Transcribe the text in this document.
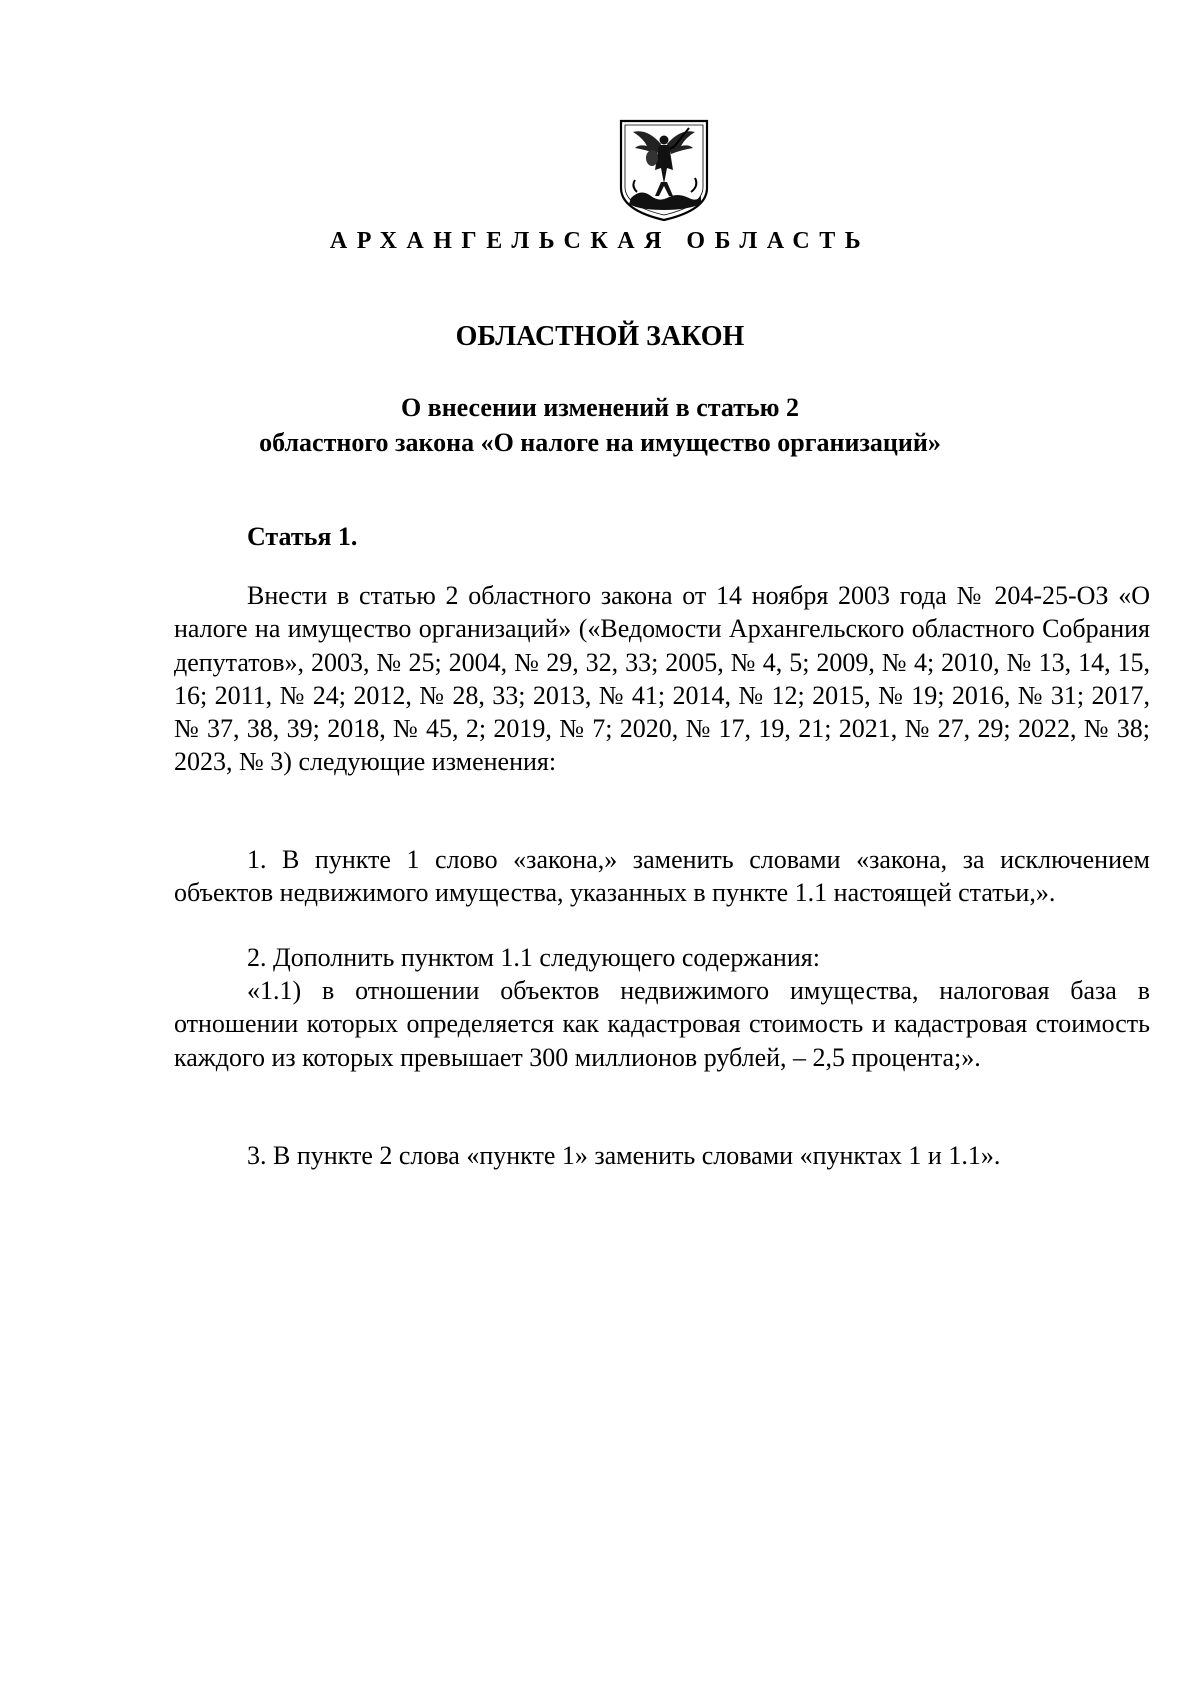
АРХАНГЕЛЬСКАЯ ОБЛАСТЬ
ОБЛАСТНОЙ ЗАКОН
О внесении изменений в статью 2
областного закона «О налоге на имущество организаций»
Статья 1.

Внести в статью 2 областного закона от 14 ноября 2003 года № 204-25-ОЗ «О налоге на имущество организаций» («Ведомости Архангельского областного Собрания депутатов», 2003, № 25; 2004, № 29, 32, 33; 2005, № 4, 5; 2009, № 4; 2010, № 13, 14, 15, 16; 2011, № 24; 2012, № 28, 33; 2013, № 41; 2014, № 12; 2015, № 19; 2016, № 31; 2017, № 37, 38, 39; 2018, № 45, 2; 2019, № 7; 2020, № 17, 19, 21; 2021, № 27, 29; 2022, № 38; 2023, № 3) следующие изменения:

1. В пункте 1 слово «закона,» заменить словами «закона, за исключением объектов недвижимого имущества, указанных в пункте 1.1 настоящей статьи,».

2. Дополнить пунктом 1.1 следующего содержания:

«1.1) в отношении объектов недвижимого имущества, налоговая база в отношении которых определяется как кадастровая стоимость и кадастровая стоимость каждого из которых превышает 300 миллионов рублей, – 2,5 процента;».

3. В пункте 2 слова «пункте 1» заменить словами «пунктах 1 и 1.1».
